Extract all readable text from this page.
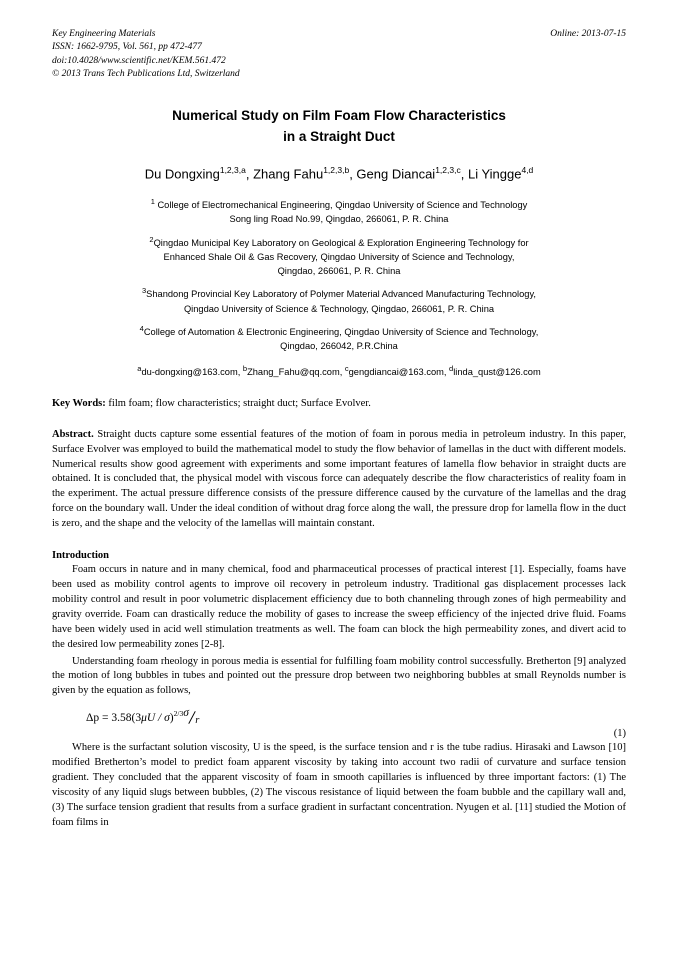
Key Engineering Materials
ISSN: 1662-9795, Vol. 561, pp 472-477
doi:10.4028/www.scientific.net/KEM.561.472
© 2013 Trans Tech Publications Ltd, Switzerland
Online: 2013-07-15
Numerical Study on Film Foam Flow Characteristics
in a Straight Duct
Du Dongxing$^{1,2,3,a}$, Zhang Fahu$^{1,2,3,b}$, Geng Diancai$^{1,2,3,c}$, Li Yingge$^{4,d}$

$^1$ College of Electromechanical Engineering, Qingdao University of Science and Technology
Song ling Road No.99, Qingdao, 266061, P. R. China

$^2$Qingdao Municipal Key Laboratory on Geological & Exploration Engineering Technology for
Enhanced Shale Oil & Gas Recovery, Qingdao University of Science and Technology,
Qingdao, 266061, P. R. China

$^3$Shandong Provincial Key Laboratory of Polymer Material Advanced Manufacturing Technology,
Qingdao University of Science & Technology, Qingdao, 266061, P. R. China

$^4$College of Automation & Electronic Engineering, Qingdao University of Science and Technology,
Qingdao, 266042, P.R.China

$^a$du-dongxing@163.com, $^b$Zhang_Fahu@qq.com, $^c$gengdiancai@163.com, $^d$linda_qust@126.com
Key Words: film foam; flow characteristics; straight duct; Surface Evolver.
Abstract. Straight ducts capture some essential features of the motion of foam in porous media in petroleum industry. In this paper, Surface Evolver was employed to build the mathematical model to study the flow behavior of lamellas in the duct with different models. Numerical results show good agreement with experiments and some important features of lamella flow behavior in straight ducts are obtained. It is concluded that, the physical model with viscous force can adequately describe the flow characteristics of reality foam in the experiment. The actual pressure difference consists of the pressure difference caused by the curvature of the lamellas and the drag force on the boundary wall. Under the ideal condition of without drag force along the wall, the pressure drop for lamella flow in the duct is zero, and the shape and the velocity of the lamellas will maintain constant.
Introduction
Foam occurs in nature and in many chemical, food and pharmaceutical processes of practical interest [1]. Especially, foams have been used as mobility control agents to improve oil recovery in petroleum industry. Traditional gas displacement processes lack mobility control and result in poor volumetric displacement efficiency due to both channeling through zones of high permeability and gravity override. Foam can drastically reduce the mobility of gases to increase the sweep efficiency of the injected drive fluid. Foams have been widely used in acid well stimulation treatments as well. The foam can block the high permeability zones, and divert acid to the desired low permeability zones [2-8].
Understanding foam rheology in porous media is essential for fulfilling foam mobility control successfully. Bretherton [9] analyzed the motion of long bubbles in tubes and pointed out the pressure drop between two neighboring bubbles at small Reynolds number is given by the equation as follows,
Δp = 3.58(3μU / σ)$^{2/3}$ σ
r
(1)
Where is the surfactant solution viscosity, U is the speed, is the surface tension and r is the tube radius. Hirasaki and Lawson [10] modified Bretherton’s model to predict foam apparent viscosity by taking into account two radii of curvature and surface tension gradient. They concluded that the apparent viscosity of foam in smooth capillaries is influenced by three important factors: (1) The viscosity of any liquid slugs between bubbles, (2) The viscous resistance of liquid between the foam bubble and the capillary wall and, (3) The surface tension gradient that results from a surface gradient in surfactant concentration. Nyugen et al. [11] studied the Motion of foam films in
